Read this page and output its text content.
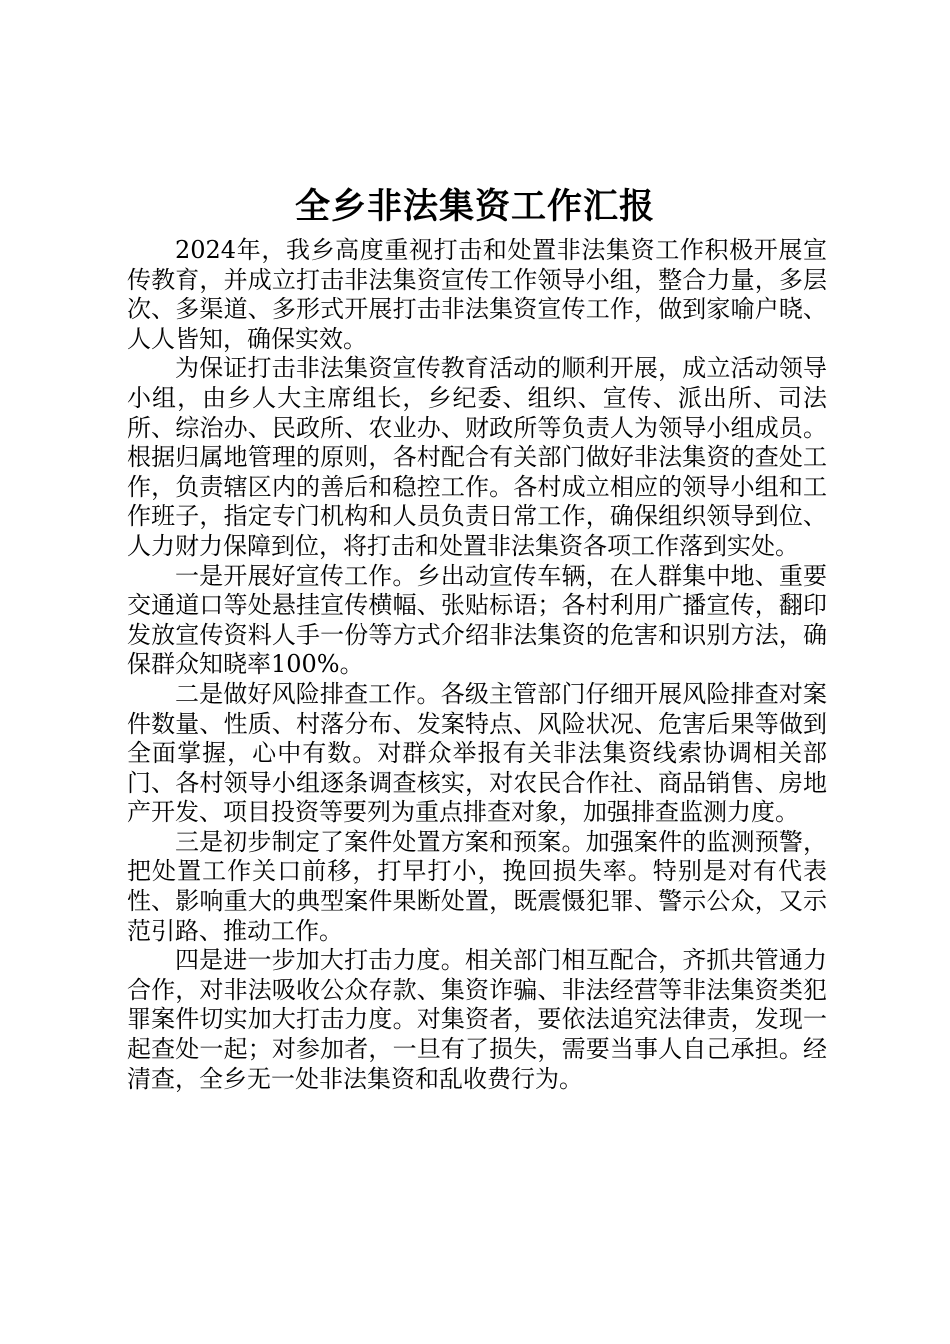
全乡非法集资工作汇报

2024年，我乡高度重视打击和处置非法集资工作积极开展宣传教育，并成立打击非法集资宣传工作领导小组，整合力量，多层次、多渠道、多形式开展打击非法集资宣传工作，做到家喻户晓、人人皆知，确保实效。

为保证打击非法集资宣传教育活动的顺利开展，成立活动领导小组，由乡人大主席组长，乡纪委、组织、宣传、派出所、司法所、综治办、民政所、农业办、财政所等负责人为领导小组成员。根据归属地管理的原则，各村配合有关部门做好非法集资的查处工作，负责辖区内的善后和稳控工作。各村成立相应的领导小组和工作班子，指定专门机构和人员负责日常工作，确保组织领导到位、人力财力保障到位，将打击和处置非法集资各项工作落到实处。

一是开展好宣传工作。乡出动宣传车辆，在人群集中地、重要交通道口等处悬挂宣传横幅、张贴标语；各村利用广播宣传，翻印发放宣传资料人手一份等方式介绍非法集资的危害和识别方法，确保群众知晓率100%。

二是做好风险排查工作。各级主管部门仔细开展风险排查对案件数量、性质、村落分布、发案特点、风险状况、危害后果等做到全面掌握，心中有数。对群众举报有关非法集资线索协调相关部门、各村领导小组逐条调查核实，对农民合作社、商品销售、房地产开发、项目投资等要列为重点排查对象，加强排查监测力度。

三是初步制定了案件处置方案和预案。加强案件的监测预警，把处置工作关口前移，打早打小，挽回损失率。特别是对有代表性、影响重大的典型案件果断处置，既震慑犯罪、警示公众，又示范引路、推动工作。

四是进一步加大打击力度。相关部门相互配合，齐抓共管通力合作，对非法吸收公众存款、集资诈骗、非法经营等非法集资类犯罪案件切实加大打击力度。对集资者，要依法追究法律责，发现一起查处一起；对参加者，一旦有了损失，需要当事人自己承担。经清查，全乡无一处非法集资和乱收费行为。
